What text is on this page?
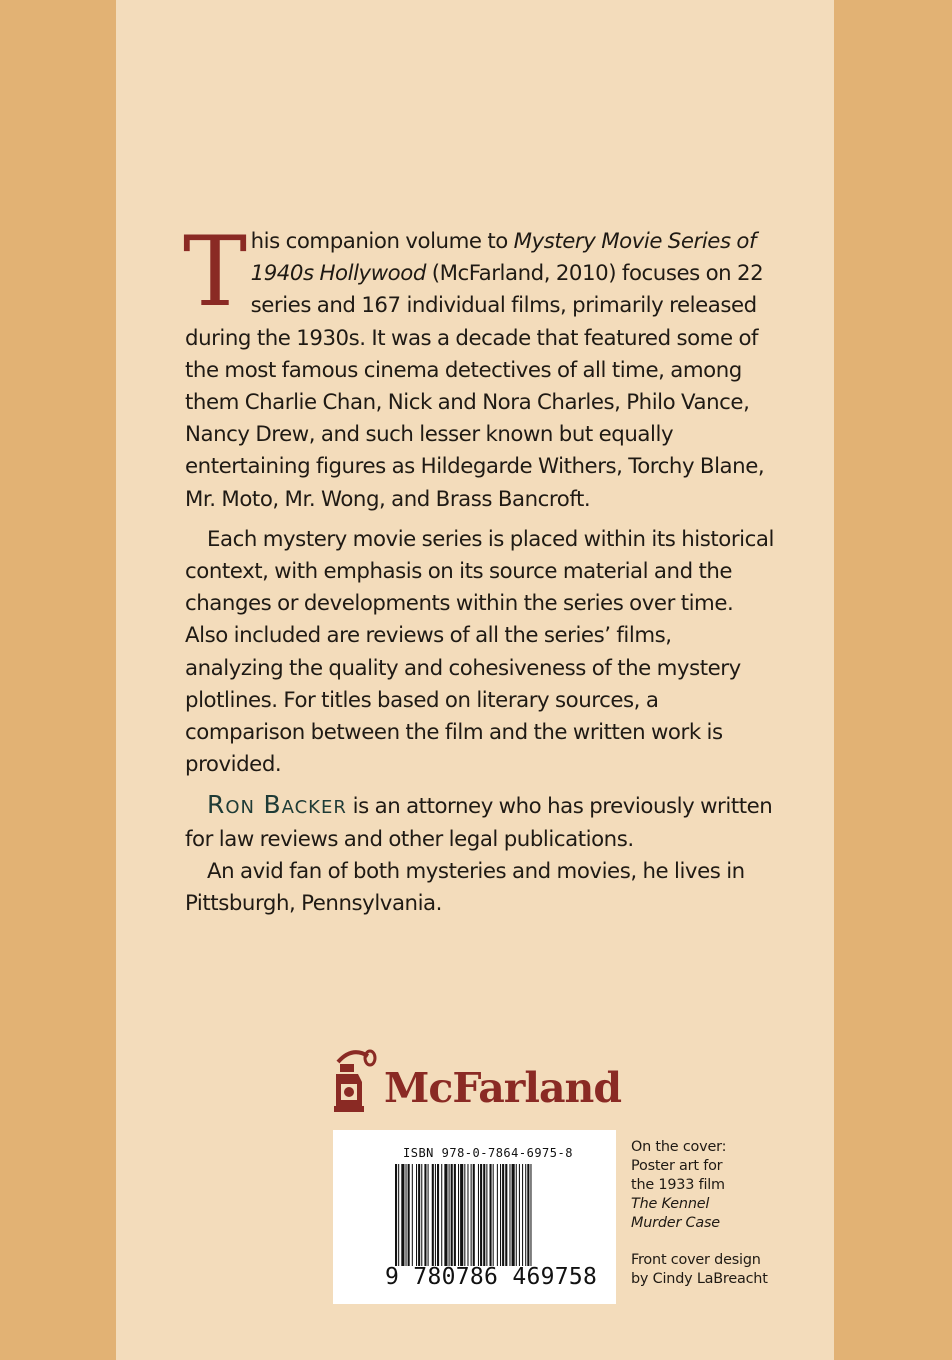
This companion volume to Mystery Movie Series of 1940s Hollywood (McFarland, 2010) focuses on 22 series and 167 individual films, primarily released during the 1930s. It was a decade that featured some of the most famous cinema detectives of all time, among them Charlie Chan, Nick and Nora Charles, Philo Vance, Nancy Drew, and such lesser known but equally entertaining figures as Hildegarde Withers, Torchy Blane, Mr. Moto, Mr. Wong, and Brass Bancroft.

Each mystery movie series is placed within its historical context, with emphasis on its source material and the changes or developments within the series over time. Also included are reviews of all the series’ films, analyzing the quality and cohesiveness of the mystery plotlines. For titles based on literary sources, a comparison between the film and the written work is provided.

Ron Backer is an attorney who has previously written for law reviews and other legal publications.

An avid fan of both mysteries and movies, he lives in Pittsburgh, Pennsylvania.

McFarland
ISBN 978-0-7864-6975-8
9 780786 469758
On the cover:
Poster art for
the 1933 film
The Kennel
Murder Case
Front cover design
by Cindy LaBreacht
